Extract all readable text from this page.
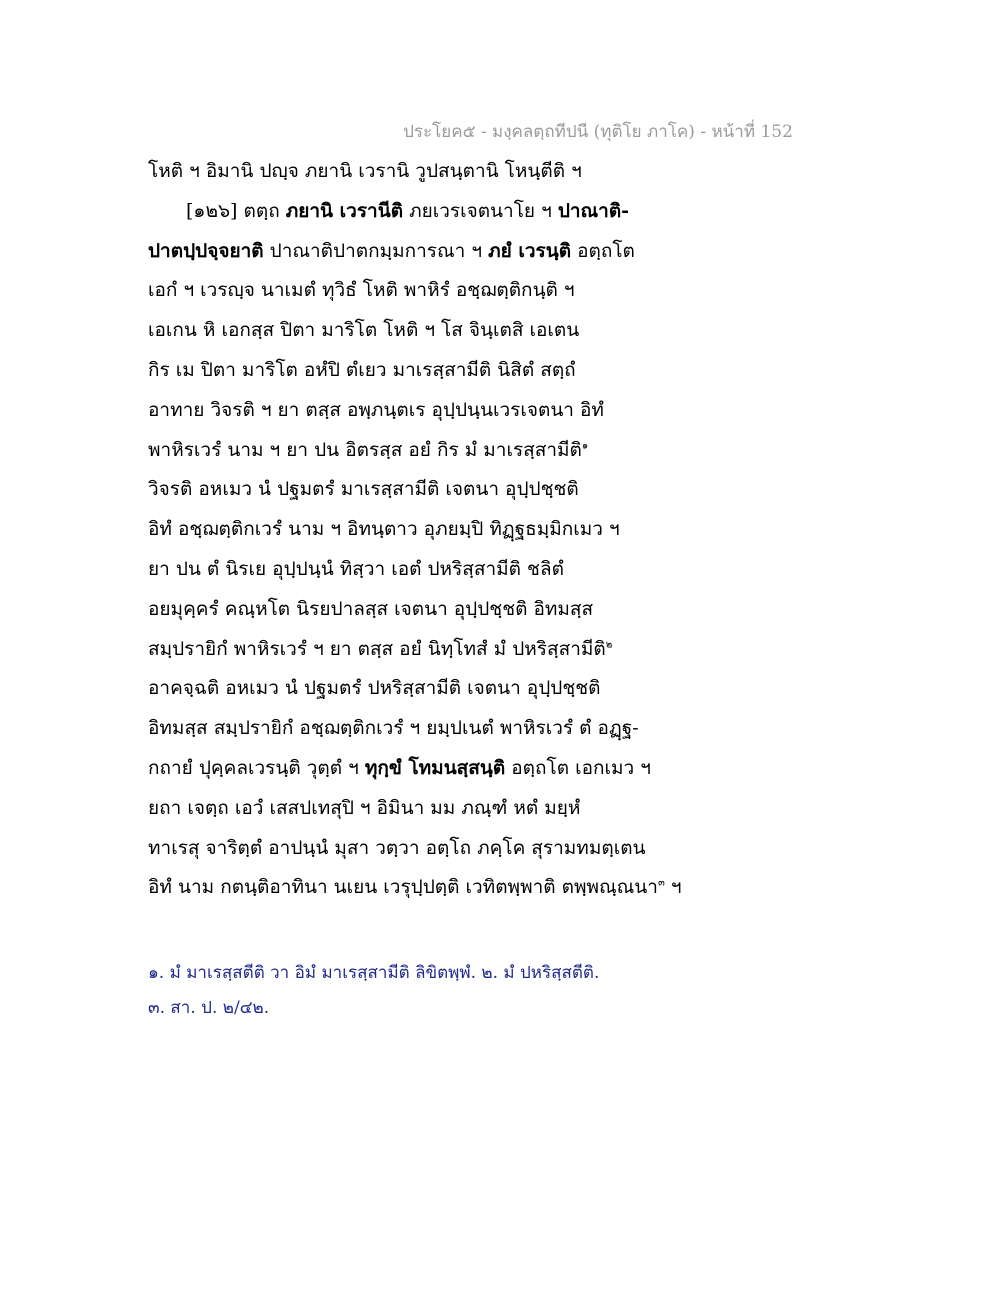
ประโยค๕ - มงฺคลตฺถทีปนี (ทุติโย ภาโค) - หน้าที่ 152
โหติ ฯ อิมานิ ปญฺจ ภยานิ เวรานิ วูปสนฺตานิ โหนฺตีติ ฯ
[๑๒๖] ตตฺถ ภยานิ เวรานีติ ภยเวรเจตนาโย ฯ ปาณาติ-
ปาตปฺปจฺจยาติ ปาณาติปาตกมฺมการณา ฯ ภยํ เวรนฺติ อตฺถโต
เอกํ ฯ เวรญฺจ นาเมตํ ทุวิธํ โหติ พาหิรํ อชฺฌตฺติกนฺติ ฯ
เอเกน หิ เอกสฺส ปิตา มาริโต โหติ ฯ โส จินฺเตสิ เอเตน
กิร เม ปิตา มาริโต อหํปิ ตํเยว มาเรสฺสามีติ นิสิตํ สตฺถํ
อาทาย วิจรติ ฯ ยา ตสฺส อพฺภนฺตเร อุปฺปนฺนเวรเจตนา อิทํ
พาหิรเวรํ นาม ฯ ยา ปน อิตรสฺส อยํ กิร มํ มาเรสฺสามีติ$^๑$
วิจรติ อหเมว นํ ปฐมตรํ มาเรสฺสามีติ เจตนา อุปฺปชฺชติ
อิทํ อชฺฌตฺติกเวรํ นาม ฯ อิทนฺตาว อุภยมฺปิ ทิฏฺฐธมฺมิกเมว ฯ
ยา ปน ตํ นิรเย อุปฺปนฺนํ ทิสฺวา เอตํ ปหริสฺสามีติ ชลิตํ
อยมุคฺครํ คณฺหโต นิรยปาลสฺส เจตนา อุปฺปชฺชติ อิทมสฺส
สมฺปรายิกํ พาหิรเวรํ ฯ ยา ตสฺส อยํ นิทฺโทสํ มํ ปหริสฺสามีติ$^๒$
อาคจฺฉติ อหเมว นํ ปฐมตรํ ปหริสฺสามีติ เจตนา อุปฺปชฺชติ
อิทมสฺส สมฺปรายิกํ อชฺฌตฺติกเวรํ ฯ ยมฺปเนตํ พาหิรเวรํ ตํ อฏฺฐ-
กถายํ ปุคฺคลเวรนฺติ วุตฺตํ ฯ ทุกฺขํ โทมนสฺสนฺติ อตฺถโต เอกเมว ฯ
ยถา เจตฺถ เอวํ เสสปเทสุปิ ฯ อิมินา มม ภณฺฑํ หตํ มยฺหํ
ทาเรสุ จาริตฺตํ อาปนฺนํ มุสา วตฺวา อตฺโถ ภคฺโค สุรามทมตฺเตน
อิทํ นาม กตนฺติอาทินา นเยน เวรุปฺปตฺติ เวทิตพฺพาติ ตพฺพณฺณนา$^๓$ ฯ
๑. มํ มาเรสฺสตีติ วา อิมํ มาเรสฺสามีติ ลิขิตพฺพํ. ๒. มํ ปหริสฺสตีติ.
๓. สา. ป. ๒/๔๒.
